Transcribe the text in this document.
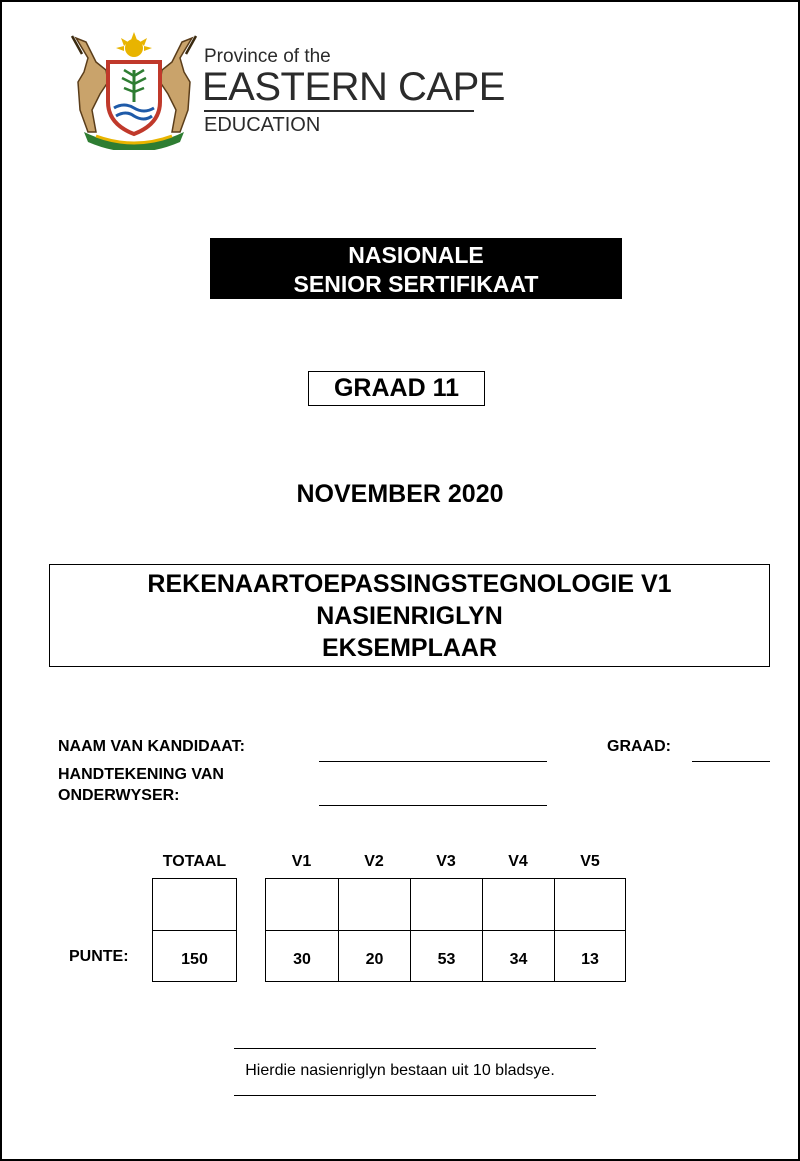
Province of the
EASTERN CAPE
EDUCATION
NASIONALE
SENIOR SERTIFIKAAT
GRAAD 11
NOVEMBER 2020
REKENAARTOEPASSINGSTEGNOLOGIE V1
NASIENRIGLYN
EKSEMPLAAR
NAAM VAN KANDIDAAT:	GRAAD:
HANDTEKENING VAN
ONDERWYSER:
TOTAAL	V1	V2	V3	V4	V5
PUNTE:	150	30	20	53	34	13
Hierdie nasienriglyn bestaan uit 10 bladsye.
